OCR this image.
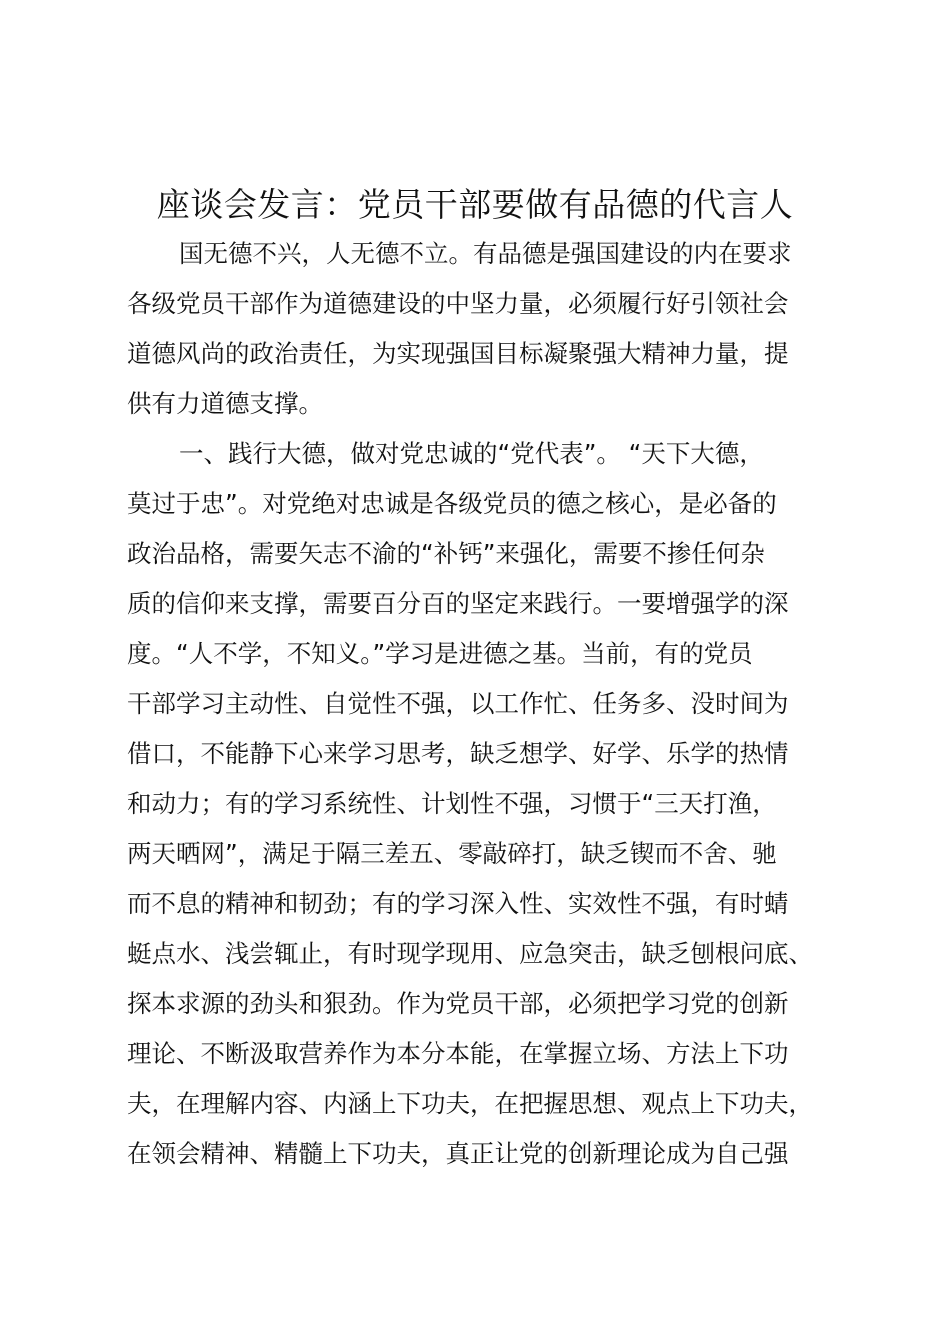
座谈会发言：党员干部要做有品德的代言人
国无德不兴，人无德不立。有品德是强国建设的内在要求
各级党员干部作为道德建设的中坚力量，必须履行好引领社会
道德风尚的政治责任，为实现强国目标凝聚强大精神力量，提
供有力道德支撑。
一、践行大德，做对党忠诚的“党代表”。 “天下大德，
莫过于忠”。对党绝对忠诚是各级党员的德之核心，是必备的
政治品格，需要矢志不渝的“补钙”来强化，需要不掺任何杂
质的信仰来支撑，需要百分百的坚定来践行。一要增强学的深
度。“人不学，不知义。”学习是进德之基。当前，有的党员
干部学习主动性、自觉性不强，以工作忙、任务多、没时间为
借口，不能静下心来学习思考，缺乏想学、好学、乐学的热情
和动力；有的学习系统性、计划性不强，习惯于“三天打渔，
两天晒网”，满足于隔三差五、零敲碎打，缺乏锲而不舍、驰
而不息的精神和韧劲；有的学习深入性、实效性不强，有时蜻
蜓点水、浅尝辄止，有时现学现用、应急突击，缺乏刨根问底、
探本求源的劲头和狠劲。作为党员干部，必须把学习党的创新
理论、不断汲取营养作为本分本能，在掌握立场、方法上下功
夫，在理解内容、内涵上下功夫，在把握思想、观点上下功夫，
在领会精神、精髓上下功夫，真正让党的创新理论成为自己强
